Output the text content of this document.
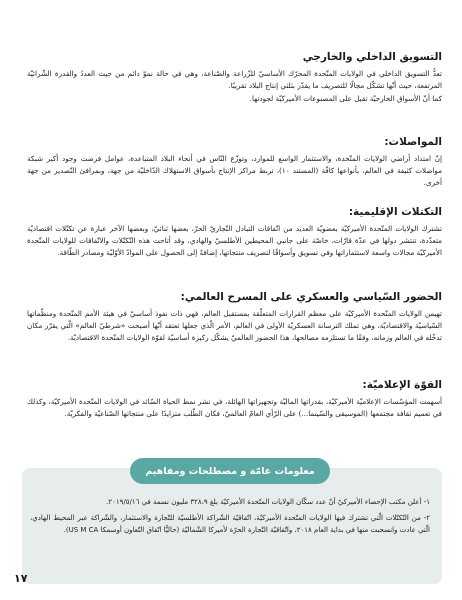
التسويق الداخلي والخارجي

تعدُّ التسويق الداخلي في الولايات المتّحدة المحرّك الأساسيّ للزّراعة والصّناعة، وهي في حالة نموّ دائم من حيث العددُ والقدرة الشّرائيّة المرتفعة، حيث أنّها تشكّل مجالًا للتصريف ما يقدّر بثلثي إنتاج البلاد تقريبًا.

كما أنّ الأسواق الخارجيّة تقبل على المصنوعات الأميركيّة لجودتها.

المواصلات:

إنّ امتداد أراضي الولايات المتّحدة، والاستثمار الواسع للموارد، وتوزّع النّاس في أنحاء البلاد المتباعدة، عوامل فرضت وجود أكبر شبكة مواصلات كثيفة في العالم، بأنواعها كافّة (المستند ١٠)، تربط مراكز الإنتاج بأسواق الاستهلاك الدّاخليّة من جهة، وبمرافئ التّصدير من جهة أخرى.

التكتلات الإقليمية:

تشترك الولايات المتّحدة الأميركيّة بعضويّة العديد من اتّفاقات التبادل التّجاريّ الحرّ، بعضها ثنائيّ، وبعضها الآخر عبارة عن تكتّلات اقتصاديّة متعدّدة، تنتشر دولها في عدّة قارّات، خاصّة على جانبي المحيطين الأطلسيّ والهادي، وقد أتاحت هذه التّكتّلات والاتّفاقات للولايات المتّحدة الأميركيّة مجالات واسعة لاستثماراتها وفي تسويق وأسواقًا لتصريف منتجاتها، إضافةً إلى الحصول على الموادّ الأوّليّة ومصادر الطّاقة.

الحضور السّياسي والعسكري على المسرح العالمي:

تهيمن الولايات المتّحدة الأميركيّة على معظم القرارات المتعلّقة بمستقبل العالم، فهي ذات نفوذ أساسيّ في هيئة الأمم المتّحدة ومنظّماتها السّياسيّة والاقتصاديّة، وهي تملك الترسانة العسكريّة الأولى في العالم، الأمر الّذي جعلها تعتقد أنّها أصبحت «شرطيّ العالم» الّتي يقرّر مكان تدخّله في العالم وزمانه، وفقًا ما تستلزمه مصالحها، هذا الحضور العالميّ يشكّل ركيزة أساسيّة لقوّة الولايات المتّحدة الاقتصاديّة.

القوّة الإعلاميّة:

أسهمت المؤسّسات الإعلاميّة الأميركيّة، بقدراتها الماليّة وتجهيزاتها الهائلة، في نشر نمط الحياة السّائد في الولايات المتّحدة الأميركيّة، وكذلك في تعميم ثقافة مجتمعها (الموسيقى والسّينما...) على الرّأي العامّ العالميّ، فكان الطّلب متزايدًا على منتجاتها الصّناعيّة والفكريّة.

معلومات عامّة و مصطلحات ومفاهيم
١- أعلن مكتب الإحصاء الأميركيّ أنّ عدد سكّان الولايات المتّحدة الأميركيّة بلغ ٣٢٨،٩ مليون نسمة في ٢٠١٩/٥/١٦.
٢- من التّكتّلات الّتي تشترك فيها الولايات المتّحدة الأميركيّة، اتّفاقيّة الشّراكة الأطلسيّة للتّجارة والاستثمار، والشّراكة عبر المحيط الهادي، الّتي عادت وانسحبت منها في بداية العام ٢٠١٨، واتّفاقيّة التّجارة الحرّة لأميركا الشّماليّة (حاليًّا اتّفاق التّعاون أوسمكا US M CA).
١٧
